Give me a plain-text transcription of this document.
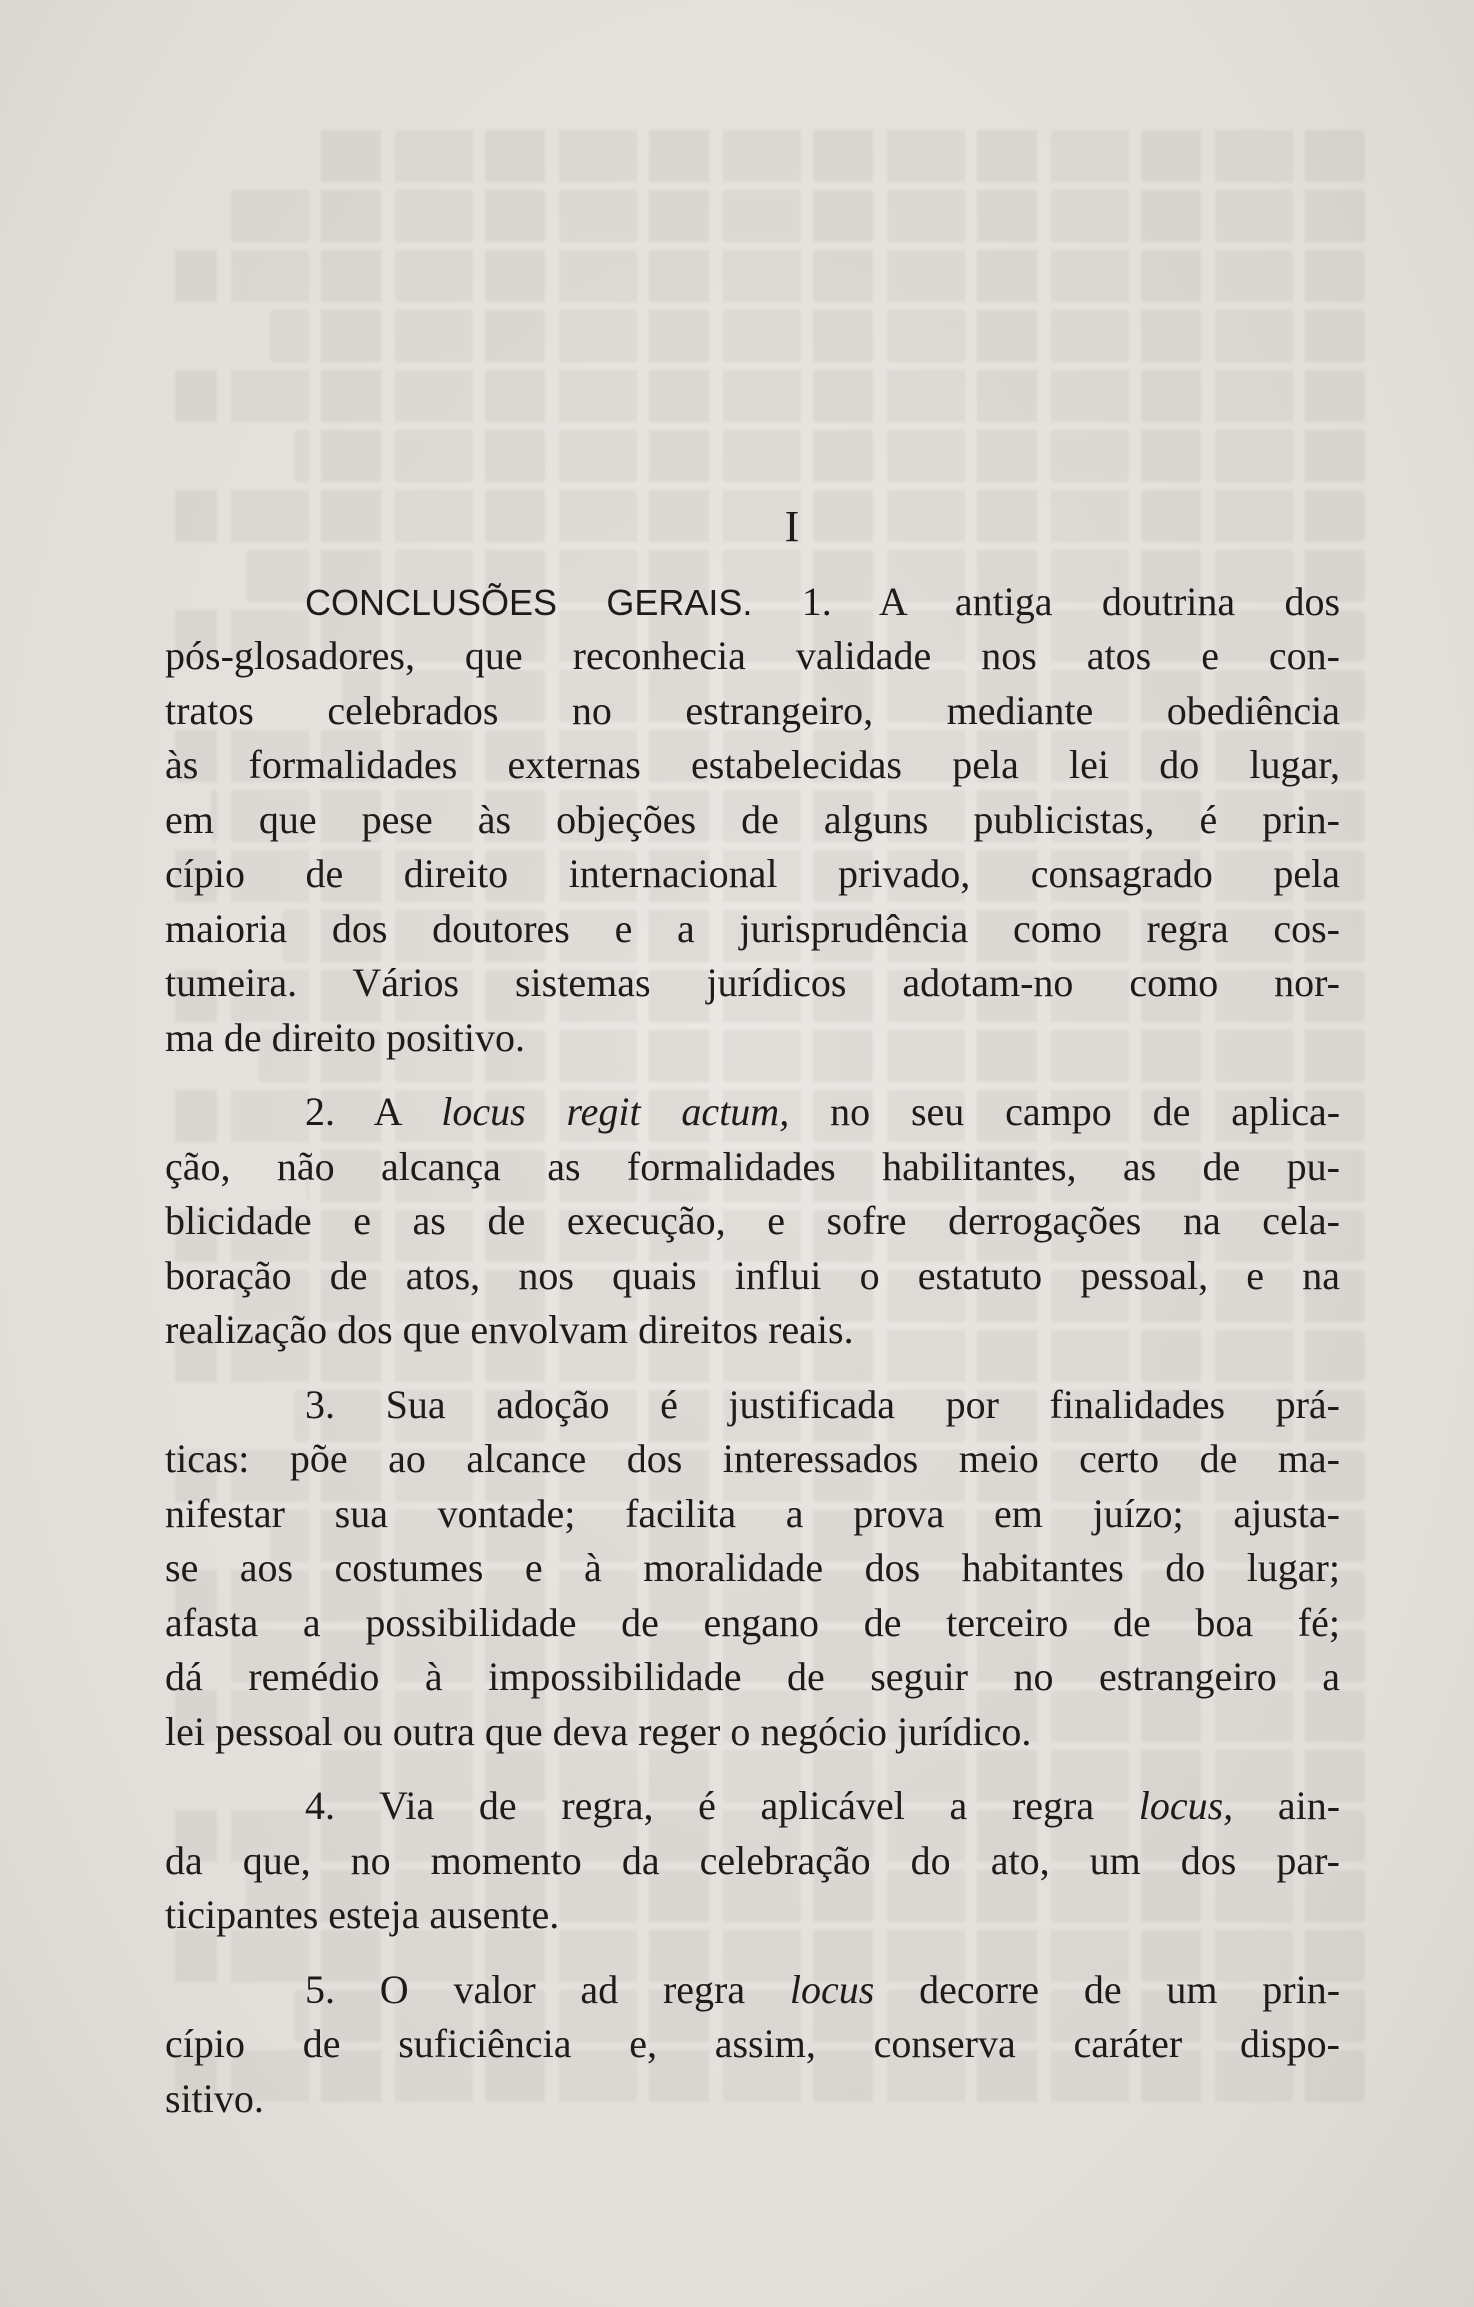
I
CONCLUSÕES GERAIS. 1. A antiga doutrina dos
pós-glosadores, que reconhecia validade nos atos e con-
tratos celebrados no estrangeiro, mediante obediência
às formalidades externas estabelecidas pela lei do lugar,
em que pese às objeções de alguns publicistas, é prin-
cípio de direito internacional privado, consagrado pela
maioria dos doutores e a jurisprudência como regra cos-
tumeira. Vários sistemas jurídicos adotam-no como nor-
ma de direito positivo.
2. A locus regit actum, no seu campo de aplica-
ção, não alcança as formalidades habilitantes, as de pu-
blicidade e as de execução, e sofre derrogações na cela-
boração de atos, nos quais influi o estatuto pessoal, e na
realização dos que envolvam direitos reais.
3. Sua adoção é justificada por finalidades prá-
ticas: põe ao alcance dos interessados meio certo de ma-
nifestar sua vontade; facilita a prova em juízo; ajusta-
se aos costumes e à moralidade dos habitantes do lugar;
afasta a possibilidade de engano de terceiro de boa fé;
dá remédio à impossibilidade de seguir no estrangeiro a
lei pessoal ou outra que deva reger o negócio jurídico.
4. Via de regra, é aplicável a regra locus, ain-
da que, no momento da celebração do ato, um dos par-
ticipantes esteja ausente.
5. O valor ad regra locus decorre de um prin-
cípio de suficiência e, assim, conserva caráter dispo-
sitivo.
